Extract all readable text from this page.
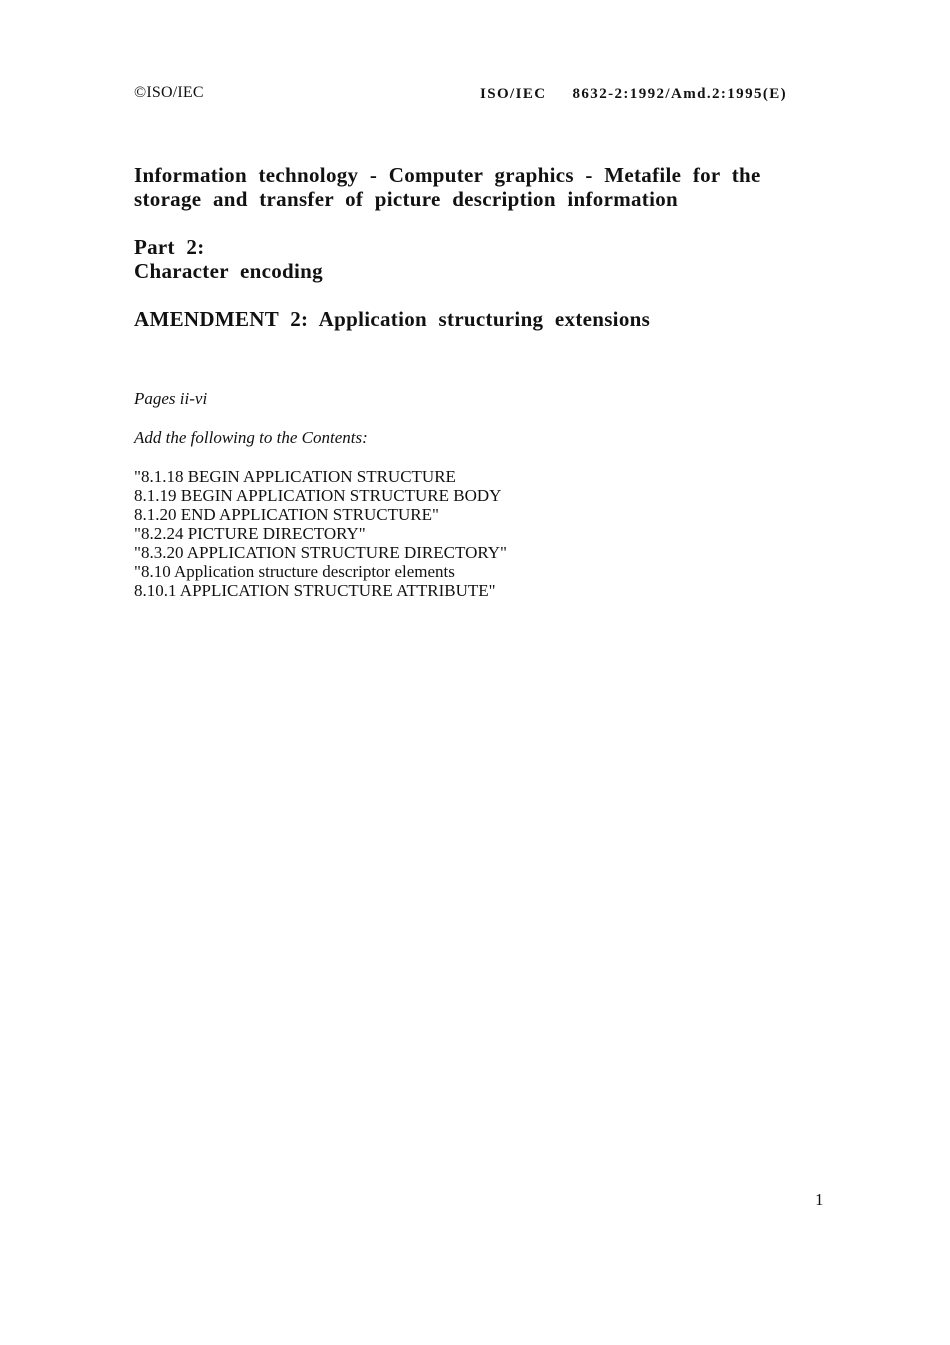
©ISO/IEC	ISO/IEC 8632-2:1992/Amd.2:1995(E)
Information technology - Computer graphics - Metafile for the
storage and transfer of picture description information
Part 2:
Character encoding
AMENDMENT 2: Application structuring extensions
Pages ii-vi
Add the following to the Contents:
"8.1.18 BEGIN APPLICATION STRUCTURE
8.1.19 BEGIN APPLICATION STRUCTURE BODY
8.1.20 END APPLICATION STRUCTURE"
"8.2.24 PICTURE DIRECTORY"
"8.3.20 APPLICATION STRUCTURE DIRECTORY"
"8.10 Application structure descriptor elements
8.10.1 APPLICATION STRUCTURE ATTRIBUTE"
1
